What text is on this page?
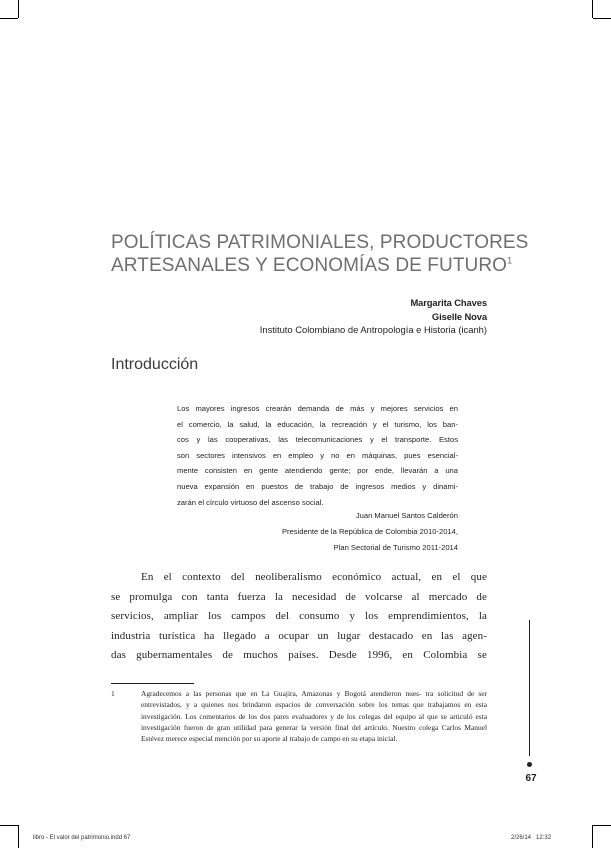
POLÍTICAS PATRIMONIALES, PRODUCTORES
ARTESANALES Y ECONOMÍAS DE FUTURO$^1$
Margarita Chaves
Giselle Nova
Instituto Colombiano de Antropología e Historia (icanh)
Introducción
Los mayores ingresos crearán demanda de más y mejores servicios en
el comercio, la salud, la educación, la recreación y el turismo, los ban-
cos y las cooperativas, las telecomunicaciones y el transporte. Estos
son sectores intensivos en empleo y no en máquinas, pues esencial-
mente consisten en gente atendiendo gente; por ende, llevarán a una
nueva expansión en puestos de trabajo de ingresos medios y dinami-
zarán el círculo virtuoso del ascenso social.
Juan Manuel Santos Calderón
Presidente de la República de Colombia 2010-2014,
Plan Sectorial de Turismo 2011-2014
En el contexto del neoliberalismo económico actual, en el que
se promulga con tanta fuerza la necesidad de volcarse al mercado de
servicios, ampliar los campos del consumo y los emprendimientos, la
industria turística ha llegado a ocupar un lugar destacado en las agen-
das gubernamentales de muchos países. Desde 1996, en Colombia se
1	Agradecemos a las personas que en La Guajira, Amazonas y Bogotá atendieron nues- tra solicitud de ser entrevistados, y a quienes nos brindaron espacios de conversación sobre los temas que trabajamos en esta investigación. Los comentarios de los dos pares evaluadores y de los colegas del equipo al que se articuló esta investigación fueron de gran utilidad para generar la versión final del artículo. Nuestro colega Carlos Manuel Estévez merece especial mención por su aporte al trabajo de campo en su etapa inicial.
67
libro - El valor del patrimonio.indd 67	2/26/14 12:32
